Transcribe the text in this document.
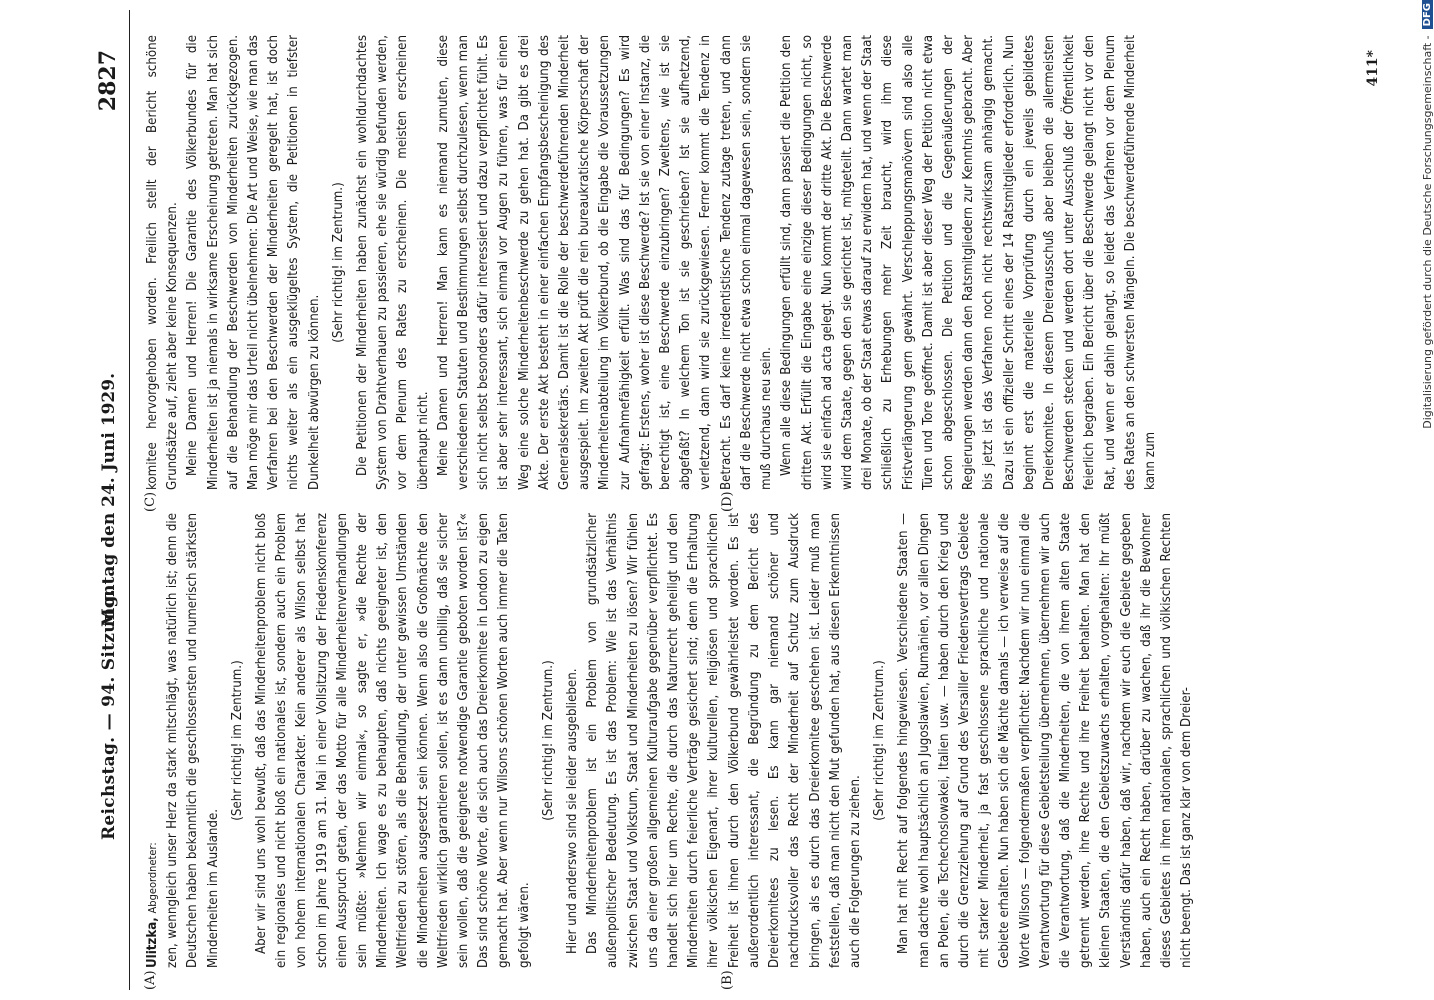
Reichstag. — 94. Sitzung.
Montag den 24. Juni 1929.
2827
(A)	(B)
(C)	(D)

Ulitzka, Abgeordneter: zen, wenngleich unser Herz da stark mitschlägt, was natürlich ist; denn die Deutschen haben bekanntlich die geschlossensten und numerisch stärksten Minderheiten im Auslande.

(Sehr richtig! im Zentrum.) Aber wir sind uns wohl bewußt, daß das Minderheitenproblem nicht bloß ein regionales und nicht bloß ein nationales ist, sondern auch ein Problem von hohem internationalen Charakter. Kein anderer als Wilson selbst hat schon im Jahre 1919 am 31. Mai in einer Vollsitzung der Friedenskonferenz einen Ausspruch getan, der das Motto für alle Minderheitenverhandlungen sein müßte: »Nehmen wir einmal«, so sagte er, »die Rechte der Minderheiten. Ich wage es zu behaupten, daß nichts geeigneter ist, den Weltfrieden zu stören, als die Behandlung, der unter gewissen Umständen die Minderheiten ausgesetzt sein können. Wenn also die Großmächte den Weltfrieden wirklich garantieren sollen, ist es dann unbillig, daß sie sicher sein wollen, daß die geeignete notwendige Garantie geboten worden ist?« Das sind schöne Worte, die sich auch das Dreierkomitee in London zu eigen gemacht hat. Aber wenn nur Wilsons schönen Worten auch immer die Taten gefolgt wären.

(Sehr richtig! im Zentrum.) Hier und anderswo sind sie leider ausgeblieben. Das Minderheitenproblem ist ein Problem von grundsätzlicher außenpolitischer Bedeutung. Es ist das Problem: Wie ist das Verhältnis zwischen Staat und Volkstum, Staat und Minderheiten zu lösen? Wir fühlen uns da einer großen allgemeinen Kulturaufgabe gegenüber verpflichtet. Es handelt sich hier um Rechte, die durch das Naturrecht geheiligt und den Minderheiten durch feierliche Verträge gesichert sind; denn die Erhaltung ihrer völkischen Eigenart, ihrer kulturellen, religiösen und sprachlichen Freiheit ist ihnen durch den Völkerbund gewährleistet worden. Es ist außerordentlich interessant, die Begründung zu dem Bericht des Dreierkomitees zu lesen. Es kann gar niemand schöner und nachdrucksvoller das Recht der Minderheit auf Schutz zum Ausdruck bringen, als es durch das Dreierkomitee geschehen ist. Leider muß man feststellen, daß man nicht den Mut gefunden hat, aus diesen Erkenntnissen auch die Folgerungen zu ziehen.

(Sehr richtig! im Zentrum.) Man hat mit Recht auf folgendes hingewiesen. Verschiedene Staaten — man dachte wohl hauptsächlich an Jugoslawien, Rumänien, vor allen Dingen an Polen, die Tschechoslowakei, Italien usw. — haben durch den Krieg und durch die Grenzziehung auf Grund des Versailler Friedensvertrags Gebiete mit starker Minderheit, ja fast geschlossene sprachliche und nationale Gebiete erhalten. Nun haben sich die Mächte damals — ich verweise auf die Worte Wilsons — folgendermaßen verpflichtet: Nachdem wir nun einmal die Verantwortung für diese Gebietsteilung übernehmen, übernehmen wir auch die Verantwortung, daß die Minderheiten, die von ihrem alten Staate getrennt werden, ihre Rechte und ihre Freiheit behalten. Man hat den kleinen Staaten, die den Gebietszuwachs erhalten, vorgehalten: Ihr müßt Verständnis dafür haben, daß wir, nachdem wir euch die Gebiete gegeben haben, auch ein Recht haben, darüber zu wachen, daß ihr die Bewohner dieses Gebietes in ihren nationalen, sprachlichen und völkischen Rechten nicht beengt. Das ist ganz klar von dem Dreier-

komitee hervorgehoben worden. Freilich stellt der Bericht schöne Grundsätze auf, zieht aber keine Konsequenzen. Meine Damen und Herren! Die Garantie des Völkerbundes für die Minderheiten ist ja niemals in wirksame Erscheinung getreten. Man hat sich auf die Behandlung der Beschwerden von Minderheiten zurückgezogen. Man möge mir das Urteil nicht übelnehmen: Die Art und Weise, wie man das Verfahren bei den Beschwerden der Minderheiten geregelt hat, ist doch nichts weiter als ein ausgeklügeltes System, die Petitionen in tiefster Dunkelheit abwürgen zu können.

(Sehr richtig! im Zentrum.) Die Petitionen der Minderheiten haben zunächst ein wohldurchdachtes System von Drahtverhauen zu passieren, ehe sie würdig befunden werden, vor dem Plenum des Rates zu erscheinen. Die meisten erscheinen überhaupt nicht. Meine Damen und Herren! Man kann es niemand zumuten, diese verschiedenen Statuten und Bestimmungen selbst durchzulesen, wenn man sich nicht selbst besonders dafür interessiert und dazu verpflichtet fühlt. Es ist aber sehr interessant, sich einmal vor Augen zu führen, was für einen Weg eine solche Minderheitenbeschwerde zu gehen hat. Da gibt es drei Akte. Der erste Akt besteht in einer einfachen Empfangsbescheinigung des Generalsekretärs. Damit ist die Rolle der beschwerdeführenden Minderheit ausgespielt. Im zweiten Akt prüft die rein bureaukratische Körperschaft der Minderheitenabteilung im Völkerbund, ob die Eingabe die Voraussetzungen zur Aufnahmefähigkeit erfüllt. Was sind das für Bedingungen? Es wird gefragt: Erstens, woher ist diese Beschwerde? Ist sie von einer Instanz, die berechtigt ist, eine Beschwerde einzubringen? Zweitens, wie ist sie abgefaßt? In welchem Ton ist sie geschrieben? Ist sie aufhetzend, verletzend, dann wird sie zurückgewiesen. Ferner kommt die Tendenz in Betracht. Es darf keine irredentistische Tendenz zutage treten, und dann darf die Beschwerde nicht etwa schon einmal dagewesen sein, sondern sie muß durchaus neu sein. Wenn alle diese Bedingungen erfüllt sind, dann passiert die Petition den dritten Akt. Erfüllt die Eingabe eine einzige dieser Bedingungen nicht, so wird sie einfach ad acta gelegt. Nun kommt der dritte Akt. Die Beschwerde wird dem Staate, gegen den sie gerichtet ist, mitgeteilt. Dann wartet man drei Monate, ob der Staat etwas darauf zu erwidern hat, und wenn der Staat schließlich zu Erhebungen mehr Zeit braucht, wird ihm diese Fristverlängerung gern gewährt. Verschleppungsmanövern sind also alle Türen und Tore geöffnet. Damit ist aber dieser Weg der Petition nicht etwa schon abgeschlossen. Die Petition und die Gegenäußerungen der Regierungen werden dann den Ratsmitgliedern zur Kenntnis gebracht. Aber bis jetzt ist das Verfahren noch nicht rechtswirksam anhängig gemacht. Dazu ist ein offizieller Schritt eines der 14 Ratsmitglieder erforderlich. Nun beginnt erst die materielle Vorprüfung durch ein jeweils gebildetes Dreierkomitee. In diesem Dreierausschuß aber bleiben die allermeisten Beschwerden stecken und werden dort unter Ausschluß der Öffentlichkeit feierlich begraben. Ein Bericht über die Beschwerde gelangt nicht vor den Rat, und wenn er dahin gelangt, so leidet das Verfahren vor dem Plenum des Rates an den schwersten Mängeln. Die beschwerdeführende Minderheit kann zum

411*	Digitalisierung gefördert durch die Deutsche Forschungsgemeinschaft -
DFG
